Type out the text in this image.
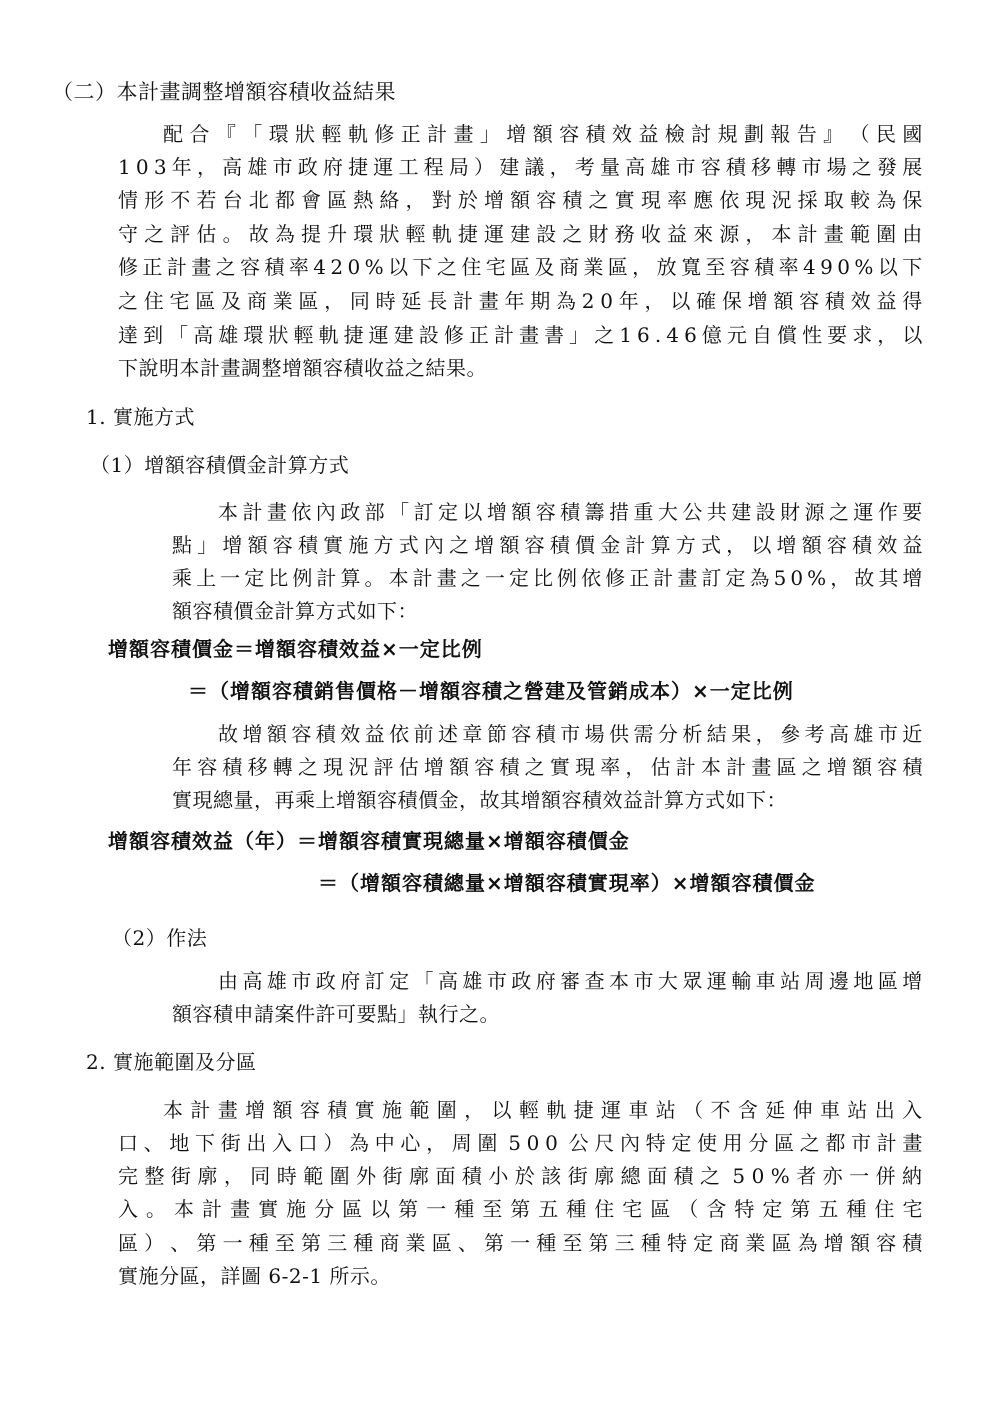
（二）本計畫調整增額容積收益結果
配 合 『 「 環 狀 輕 軌 修 正 計 畫 」 增 額 容 積 效 益 檢 討 規 劃 報 告 』 （ 民 國
1 0 3 年 ， 高 雄 市 政 府 捷 運 工 程 局 ） 建 議 ， 考 量 高 雄 市 容 積 移 轉 市 場 之 發 展
情 形 不 若 台 北 都 會 區 熱 絡 ， 對 於 增 額 容 積 之 實 現 率 應 依 現 況 採 取 較 為 保
守 之 評 估 。 故 為 提 升 環 狀 輕 軌 捷 運 建 設 之 財 務 收 益 來 源 ， 本 計 畫 範 圍 由
修 正 計 畫 之 容 積 率 4 2 0 % 以 下 之 住 宅 區 及 商 業 區 ， 放 寬 至 容 積 率 4 9 0 % 以 下
之 住 宅 區 及 商 業 區 ， 同 時 延 長 計 畫 年 期 為 2 0 年 ， 以 確 保 增 額 容 積 效 益 得
達 到 「 高 雄 環 狀 輕 軌 捷 運 建 設 修 正 計 畫 書 」 之 1 6 . 4 6 億 元 自 償 性 要 求 ， 以
下說明本計畫調整增額容積收益之結果。
1. 實施方式
（1）增額容積價金計算方式
本 計 畫 依 內 政 部 「 訂 定 以 增 額 容 積 籌 措 重 大 公 共 建 設 財 源 之 運 作 要
點 」 增 額 容 積 實 施 方 式 內 之 增 額 容 積 價 金 計 算 方 式 ， 以 增 額 容 積 效 益
乘 上 一 定 比 例 計 算 。 本 計 畫 之 一 定 比 例 依 修 正 計 畫 訂 定 為 5 0 % ， 故 其 增
額容積價金計算方式如下：
增額容積價金＝增額容積效益×一定比例
＝（增額容積銷售價格－增額容積之營建及管銷成本）×一定比例
故 增 額 容 積 效 益 依 前 述 章 節 容 積 市 場 供 需 分 析 結 果 ， 參 考 高 雄 市 近
年 容 積 移 轉 之 現 況 評 估 增 額 容 積 之 實 現 率 ， 估 計 本 計 畫 區 之 增 額 容 積
實現總量，再乘上增額容積價金，故其增額容積效益計算方式如下：
增額容積效益（年）＝增額容積實現總量×增額容積價金
＝（增額容積總量×增額容積實現率）×增額容積價金
（2）作法
由 高 雄 市 政 府 訂 定 「 高 雄 市 政 府 審 查 本 市 大 眾 運 輸 車 站 周 邊 地 區 增
額容積申請案件許可要點」執行之。
2. 實施範圍及分區
本 計 畫 增 額 容 積 實 施 範 圍 ， 以 輕 軌 捷 運 車 站 （ 不 含 延 伸 車 站 出 入
口 、 地 下 街 出 入 口 ） 為 中 心 ， 周 圍 5 0 0 公 尺 內 特 定 使 用 分 區 之 都 市 計 畫
完 整 街 廓 ， 同 時 範 圍 外 街 廓 面 積 小 於 該 街 廓 總 面 積 之 5 0 % 者 亦 一 併 納
入 。 本 計 畫 實 施 分 區 以 第 一 種 至 第 五 種 住 宅 區 （ 含 特 定 第 五 種 住 宅
區 ） 、 第 一 種 至 第 三 種 商 業 區 、 第 一 種 至 第 三 種 特 定 商 業 區 為 增 額 容 積
實施分區，詳圖 6-2-1 所示。
